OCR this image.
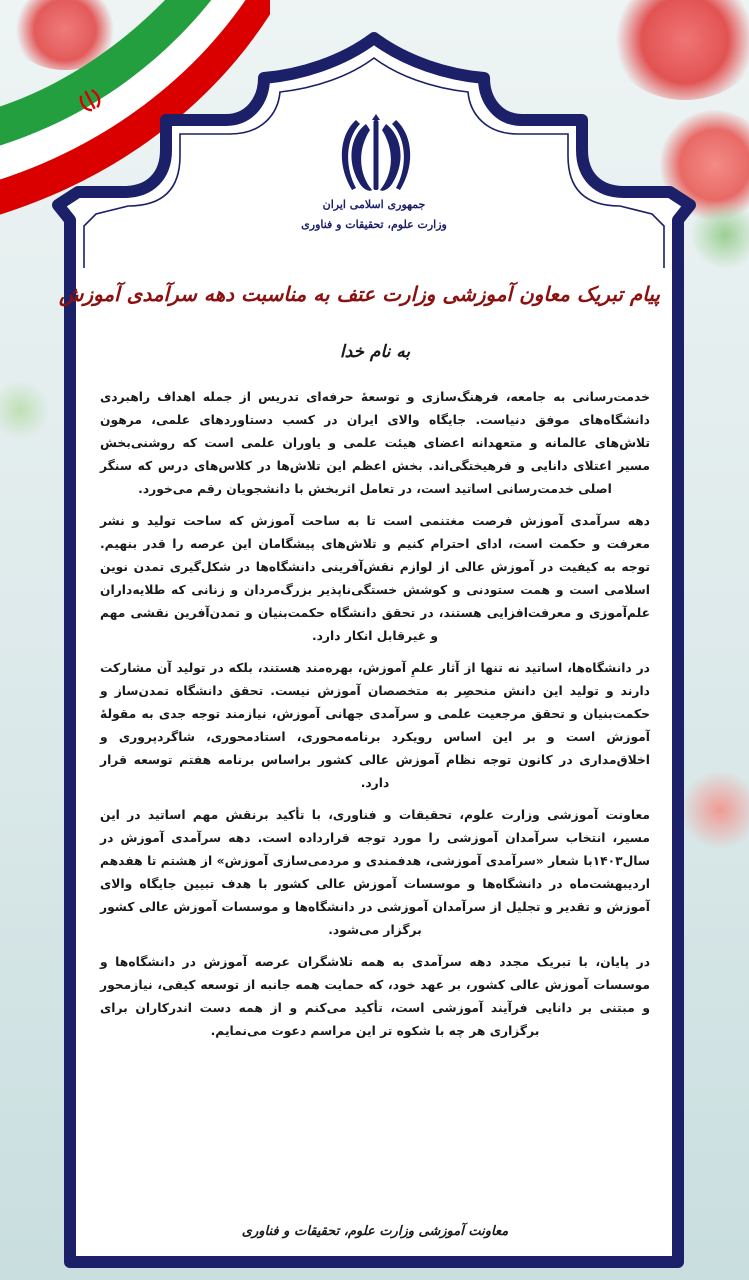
جمهوری اسلامی ایران
وزارت علوم، تحقیقات و فناوری
پیام تبریک معاون آموزشی وزارت عتف به مناسبت دهه سرآمدی آموزش
به نام خدا

خدمت‌رسانی به جامعه، فرهنگ‌سازی و توسعهٔ حرفه‌ای تدریس از جمله اهداف راهبردی دانشگاه‌های موفق دنیاست. جایگاه والای ایران در کسب دستاوردهای علمی، مرهون تلاش‌های عالمانه و متعهدانه اعضای هیئت علمی و یاوران علمی است که روشنی‌بخش مسیر اعتلای دانایی و فرهیختگی‌اند. بخش اعظم این تلاش‌ها در کلاس‌های درس که سنگر اصلی خدمت‌رسانی اساتید است، در تعامل اثربخش با دانشجویان رقم می‌خورد.

دهه سرآمدی آموزش فرصت مغتنمی است تا به ساحت آموزش که ساحت تولید و نشر معرفت و حکمت است، ادای احترام کنیم و تلاش‌های پیشگامان این عرصه را قدر بنهیم. توجه به کیفیت در آموزش عالی از لوازم نقش‌آفرینی دانشگاه‌ها در شکل‌گیری تمدن نوین اسلامی است و همت ستودنی و کوشش خستگی‌ناپذیر بزرگ‌مردان و زنانی که طلایه‌داران علم‌آموزی و معرفت‌افزایی هستند، در تحقق دانشگاه حکمت‌بنیان و تمدن‌آفرین نقشی مهم و غیرقابل انکار دارد.

در دانشگاه‌ها، اساتید نه تنها از آثار علمِ آموزش، بهره‌مند هستند، بلکه در تولید آن مشارکت دارند و تولید این دانش منحصِر به متخصصان آموزش نیست. تحقق دانشگاه تمدن‌ساز و حکمت‌بنیان و تحقق مرجعیت علمی و سرآمدی جهانی آموزش، نیازمند توجه جدی به مقولهٔ آموزش است و بر این اساس رویکرد برنامه‌محوری، استادمحوری، شاگردپروری و اخلاق‌مداری در کانون توجه نظام آموزش عالی کشور براساس برنامه هفتم توسعه قرار دارد.

معاونت آموزشی وزارت علوم، تحقیقات و فناوری، با تأکید برنقش مهم اساتید در این مسیر، انتخاب سرآمدان آموزشی را مورد توجه قرارداده است. دهه سرآمدی آموزش در سال۱۴۰۳با شعار «سرآمدی آموزشی، هدفمندی و مردمی‌سازی آموزش» از هشتم تا هفدهم اردیبهشت‌ماه در دانشگاه‌ها و موسسات آموزش عالی کشور با هدف تبیین جایگاه والای آموزش و تقدیر و تجلیل از سرآمدان آموزشی در دانشگاه‌ها و موسسات آموزش عالی کشور برگزار می‌شود.

در پایان، با تبریک مجدد دهه سرآمدی به همه تلاشگران عرصه آموزش در دانشگاه‌ها و موسسات آموزش عالی کشور، بر عهد خود، که حمایت همه جانبه از توسعه کیفی، نیازمحور و مبتنی بر دانایی فرآیند آموزشی است، تأکید می‌کنم و از همه دست اندرکاران برای برگزاری هر چه با شکوه تر این مراسم دعوت می‌نمایم.

معاونت آموزشی وزارت علوم، تحقیقات و فناوری
